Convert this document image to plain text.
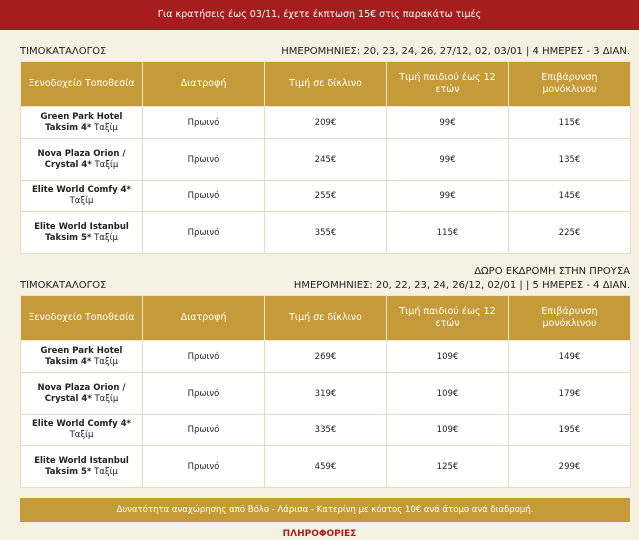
Για κρατήσεις έως 03/11, έχετε έκπτωση 15€ στις παρακάτω τιμές
ΤΙΜΟΚΑΤΑΛΟΓΟΣ	ΗΜΕΡΟΜΗΝΙΕΣ: 20, 23, 24, 26, 27/12, 02, 03/01 | 4 ΗΜΕΡΕΣ - 3 ΔΙΑΝ.
Ξενοδοχείο Τοποθεσία	Διατροφή	Τιμή σε δίκλινο	Τιμή παιδιού έως 12 ετών	Επιβάρυνση μονόκλινου
Green Park Hotel Taksim 4* Ταξίμ	Πρωινό	209€	99€	115€
Nova Plaza Orion / Crystal 4* Ταξίμ	Πρωινό	245€	99€	135€
Elite World Comfy 4* Ταξίμ	Πρωινό	255€	99€	145€
Elite World Istanbul Taksim 5* Ταξίμ	Πρωινό	355€	115€	225€
ΔΩΡΟ ΕΚΔΡΟΜΗ ΣΤΗΝ ΠΡΟΥΣΑ
ΤΙΜΟΚΑΤΑΛΟΓΟΣ	ΗΜΕΡΟΜΗΝΙΕΣ: 20, 22, 23, 24, 26/12, 02/01 | | 5 ΗΜΕΡΕΣ - 4 ΔΙΑΝ.
Ξενοδοχείο Τοποθεσία	Διατροφή	Τιμή σε δίκλινο	Τιμή παιδιού έως 12 ετών	Επιβάρυνση μονόκλινου
Green Park Hotel Taksim 4* Ταξίμ	Πρωινό	269€	109€	149€
Nova Plaza Orion / Crystal 4* Ταξίμ	Πρωινό	319€	109€	179€
Elite World Comfy 4* Ταξίμ	Πρωινό	335€	109€	195€
Elite World Istanbul Taksim 5* Ταξίμ	Πρωινό	459€	125€	299€
Δυνατότητα αναχώρησης από Βόλο - Λάρισα - Κατερίνη με κόστος 10€ ανά άτομο ανά διαδρομή.
ΠΛΗΡΟΦΟΡΙΕΣ
